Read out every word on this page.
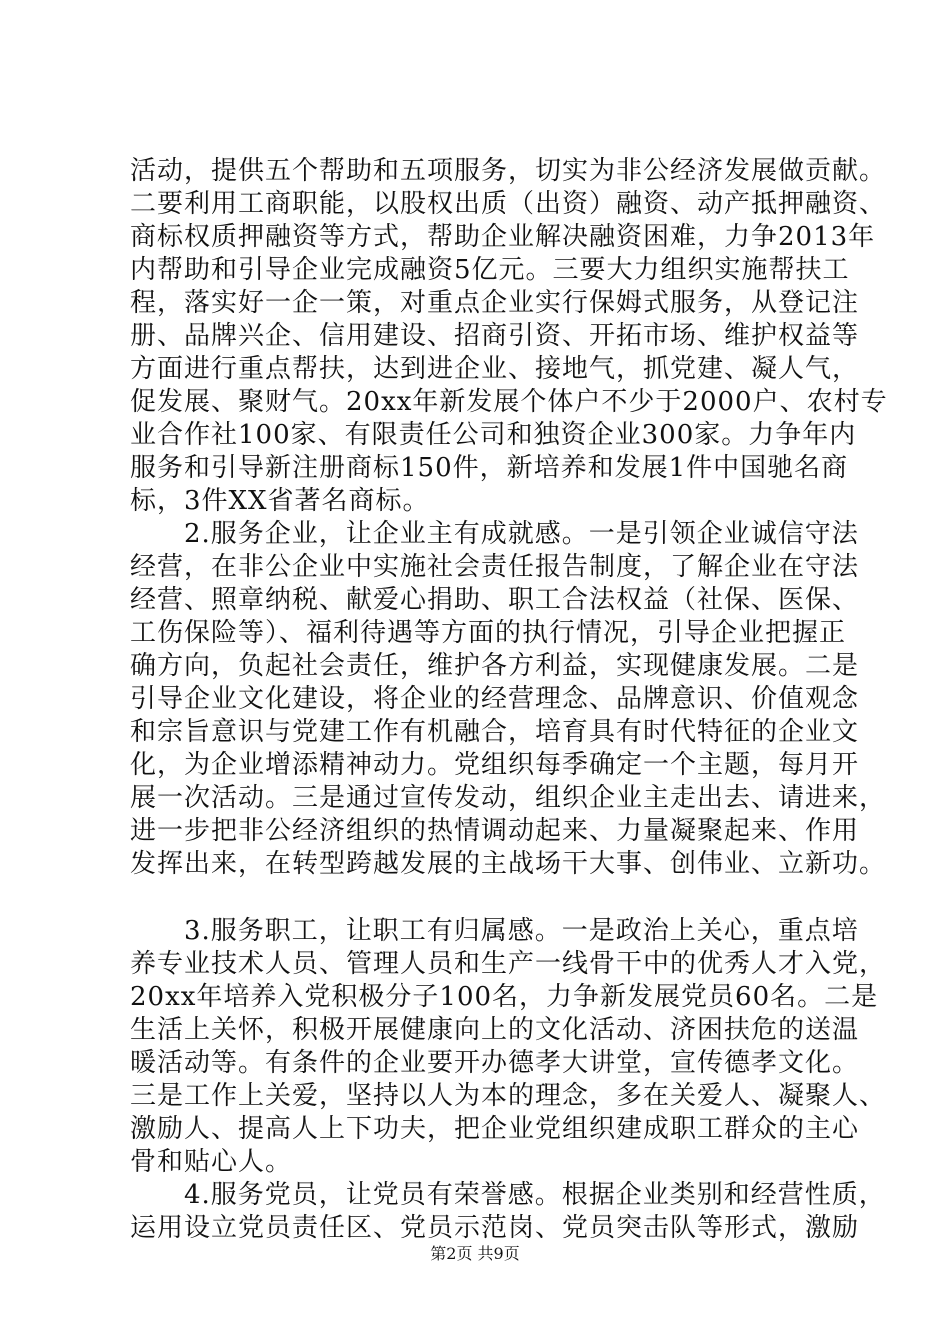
活动，提供五个帮助和五项服务，切实为非公经济发展做贡献。
二要利用工商职能，以股权出质（出资）融资、动产抵押融资、
商标权质押融资等方式，帮助企业解决融资困难，力争2013年
内帮助和引导企业完成融资5亿元。三要大力组织实施帮扶工
程，落实好一企一策，对重点企业实行保姆式服务，从登记注
册、品牌兴企、信用建设、招商引资、开拓市场、维护权益等
方面进行重点帮扶，达到进企业、接地气，抓党建、凝人气，
促发展、聚财气。20xx年新发展个体户不少于2000户、农村专
业合作社100家、有限责任公司和独资企业300家。力争年内
服务和引导新注册商标150件，新培养和发展1件中国驰名商
标，3件XX省著名商标。
　　2.服务企业，让企业主有成就感。一是引领企业诚信守法
经营，在非公企业中实施社会责任报告制度，了解企业在守法
经营、照章纳税、献爱心捐助、职工合法权益（社保、医保、
工伤保险等）、福利待遇等方面的执行情况，引导企业把握正
确方向，负起社会责任，维护各方利益，实现健康发展。二是
引导企业文化建设，将企业的经营理念、品牌意识、价值观念
和宗旨意识与党建工作有机融合，培育具有时代特征的企业文
化，为企业增添精神动力。党组织每季确定一个主题，每月开
展一次活动。三是通过宣传发动，组织企业主走出去、请进来，
进一步把非公经济组织的热情调动起来、力量凝聚起来、作用
发挥出来，在转型跨越发展的主战场干大事、创伟业、立新功。
　　3.服务职工，让职工有归属感。一是政治上关心，重点培
养专业技术人员、管理人员和生产一线骨干中的优秀人才入党，
20xx年培养入党积极分子100名，力争新发展党员60名。二是
生活上关怀，积极开展健康向上的文化活动、济困扶危的送温
暖活动等。有条件的企业要开办德孝大讲堂，宣传德孝文化。
三是工作上关爱，坚持以人为本的理念，多在关爱人、凝聚人、
激励人、提高人上下功夫，把企业党组织建成职工群众的主心
骨和贴心人。
　　4.服务党员，让党员有荣誉感。根据企业类别和经营性质，
运用设立党员责任区、党员示范岗、党员突击队等形式，激励
第2页 共9页
